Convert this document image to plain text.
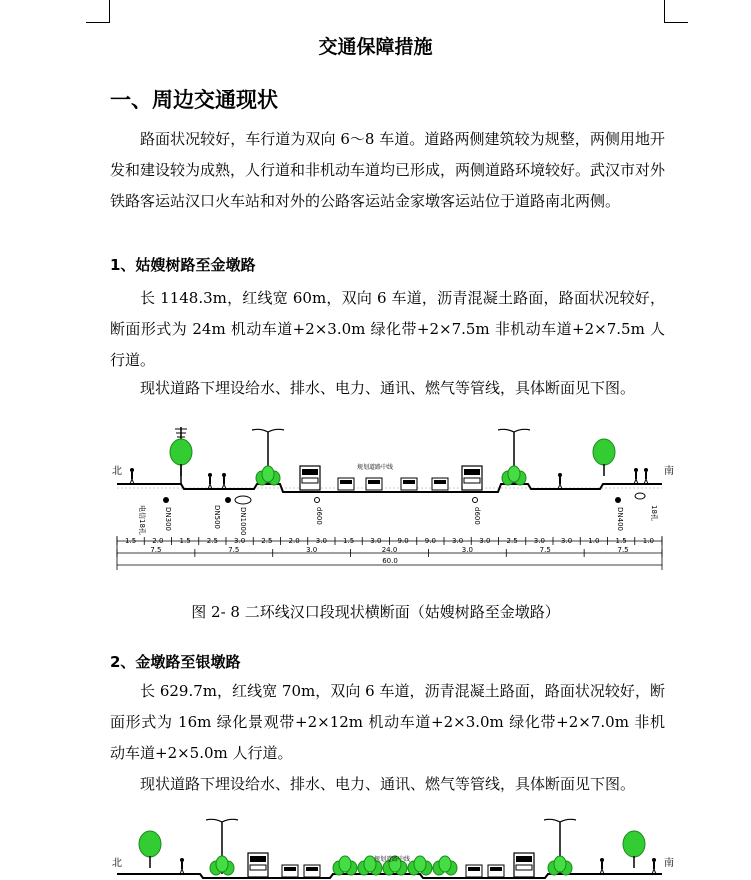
交通保障措施
一、周边交通现状
路面状况较好，车行道为双向 6～8 车道。道路两侧建筑较为规整，两侧用地开发和建设较为成熟，人行道和非机动车道均已形成，两侧道路环境较好。武汉市对外铁路客运站汉口火车站和对外的公路客运站金家墩客运站位于道路南北两侧。
1、姑嫂树路至金墩路
长 1148.3m，红线宽 60m，双向 6 车道，沥青混凝土路面，路面状况较好，断面形式为 24m 机动车道+2×3.0m 绿化带+2×7.5m 非机动车道+2×7.5m 人行道。
现状道路下埋设给水、排水、电力、通讯、燃气等管线，具体断面见下图。
北	南
规划道路中线
电信18孔	DN300	DN500	DN1000	d600	d600	DN400	18孔
1.5 2.0 1.5 2.5 3.0 2.5 2.0 3.0 1.5 3.0 9.0 9.0 3.0 3.0 2.5 3.0 3.0 1.0 1.5 1.0
7.5	7.5	3.0	24.0	3.0	7.5	7.5
60.0
北	南
规划道路中线
图 2- 8 二环线汉口段现状横断面（姑嫂树路至金墩路）
2、金墩路至银墩路
长 629.7m，红线宽 70m，双向 6 车道，沥青混凝土路面，路面状况较好，断面形式为 16m 绿化景观带+2×12m 机动车道+2×3.0m 绿化带+2×7.0m 非机动车道+2×5.0m 人行道。
现状道路下埋设给水、排水、电力、通讯、燃气等管线，具体断面见下图。
